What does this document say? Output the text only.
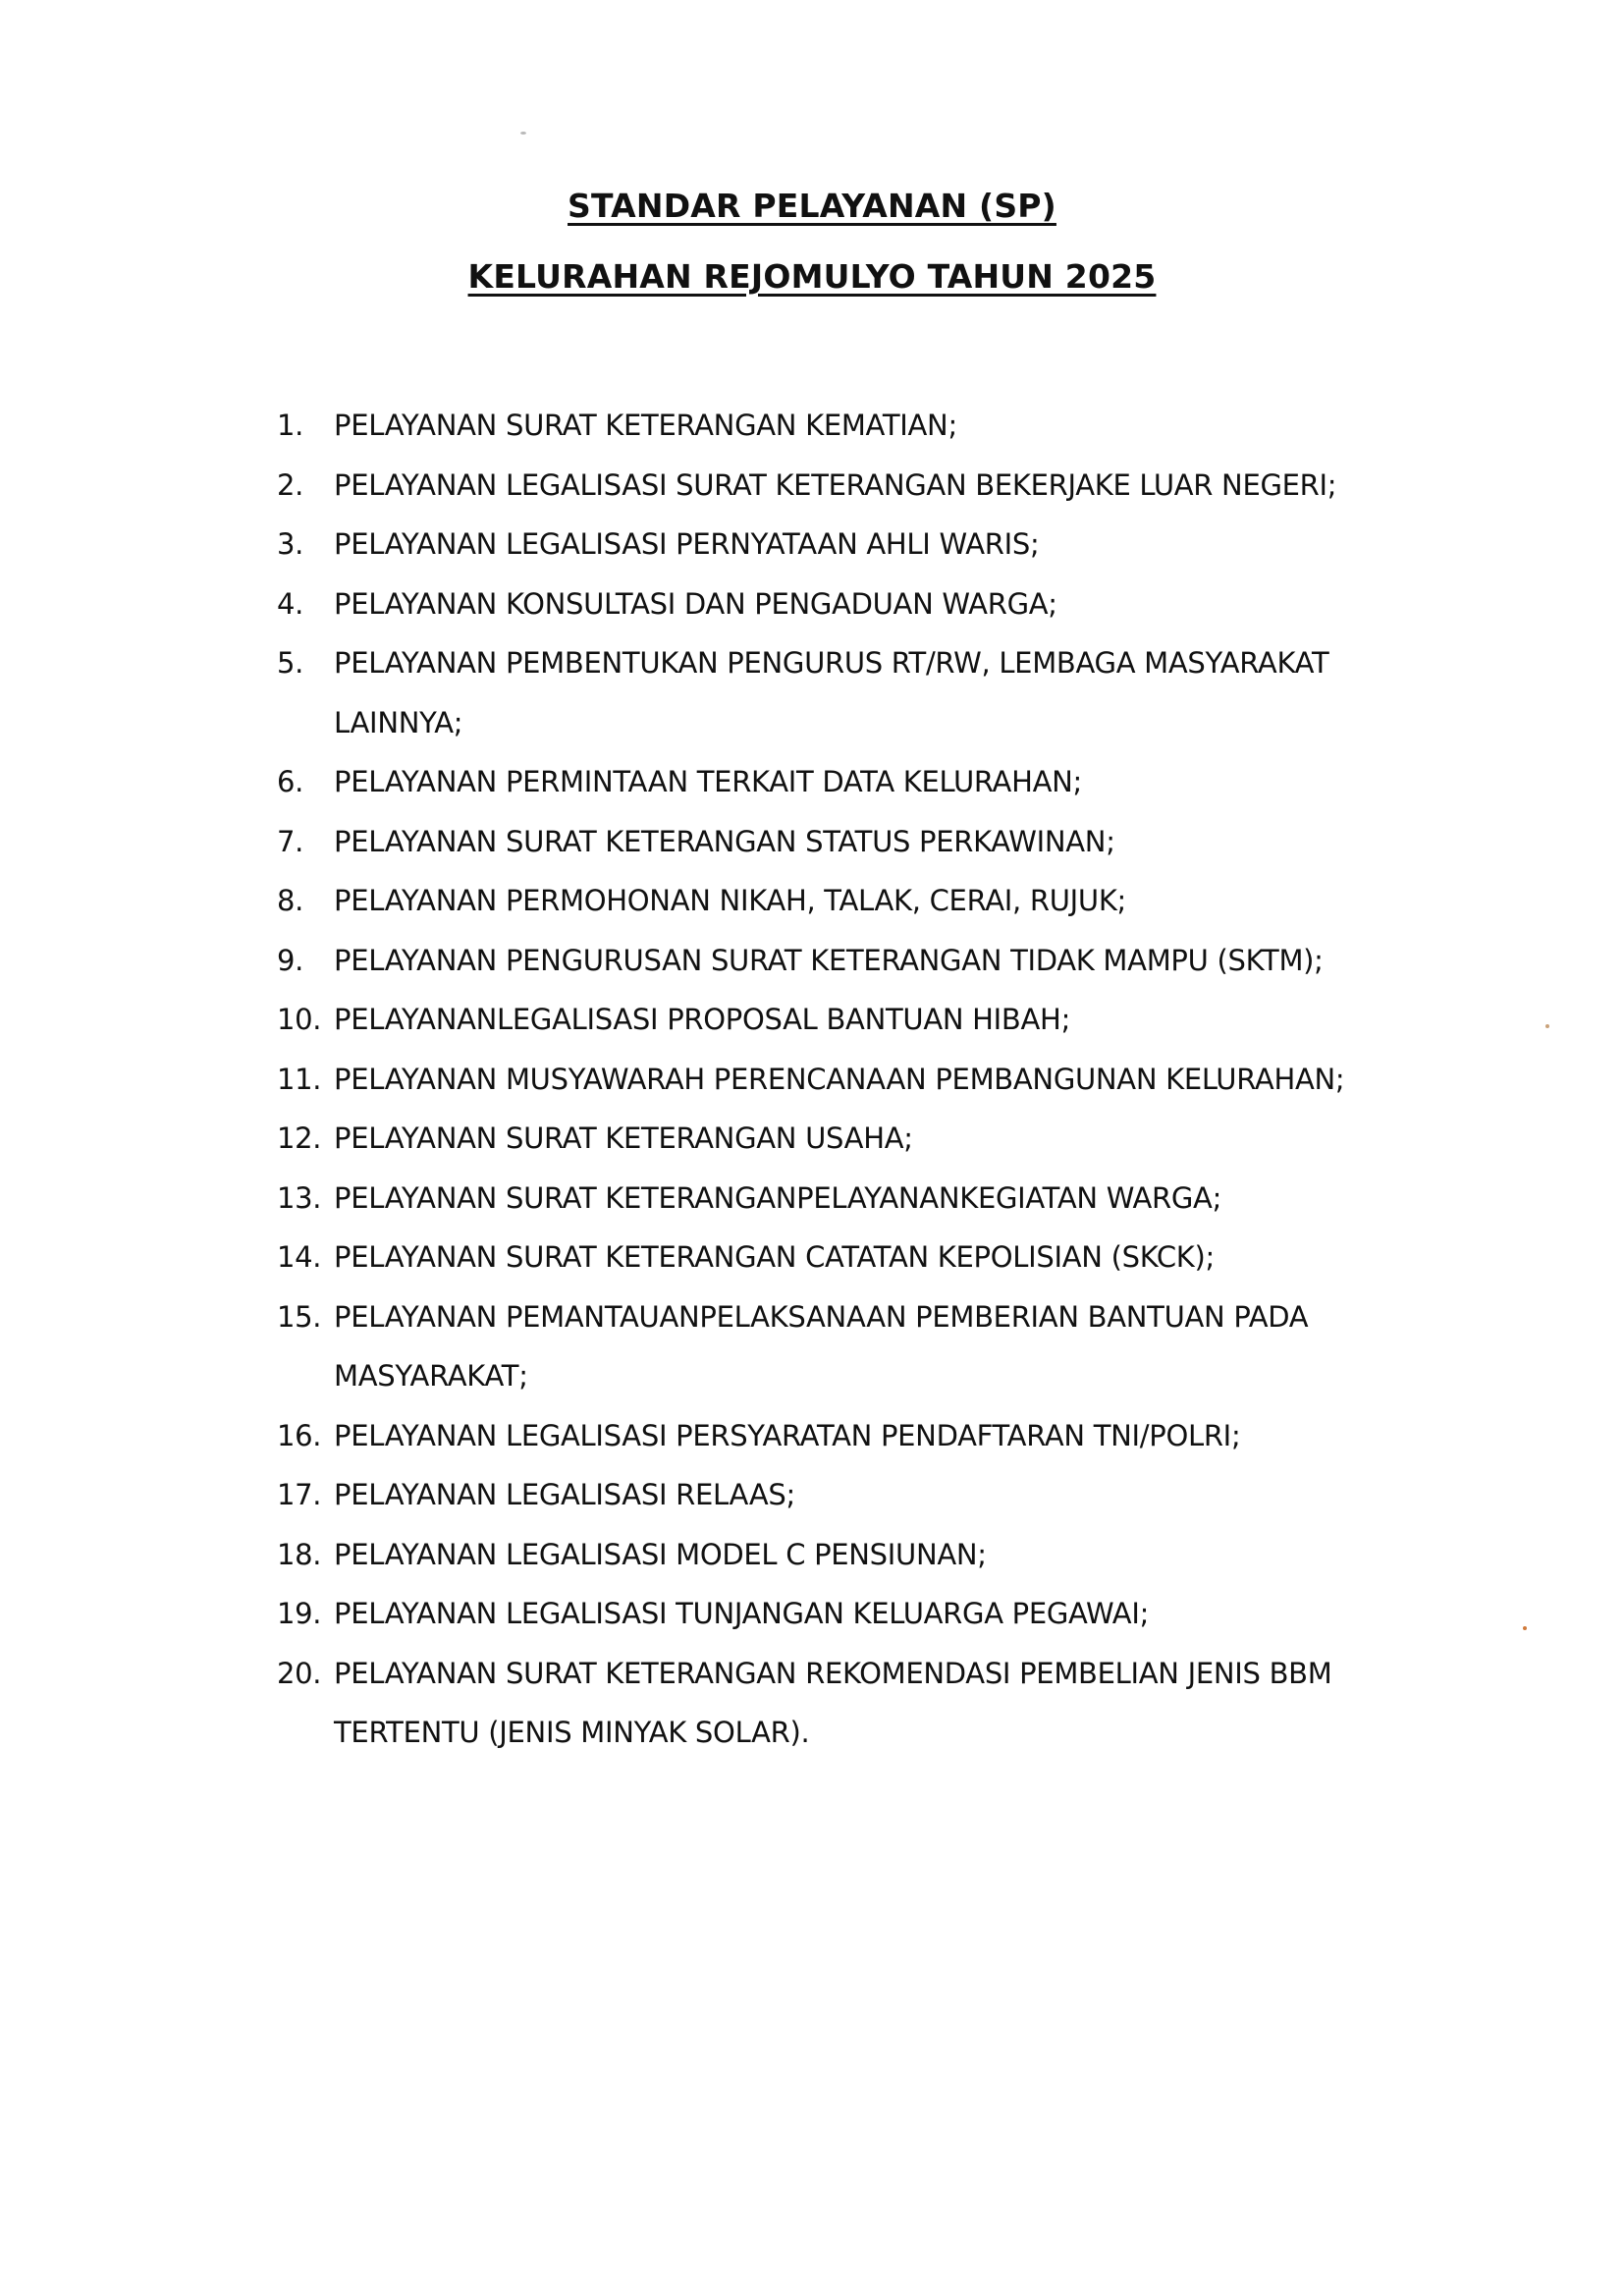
STANDAR PELAYANAN (SP)
KELURAHAN REJOMULYO TAHUN 2025
1.	PELAYANAN SURAT KETERANGAN KEMATIAN;
2.	PELAYANAN LEGALISASI SURAT KETERANGAN BEKERJAKE LUAR NEGERI;
3.	PELAYANAN LEGALISASI PERNYATAAN AHLI WARIS;
4.	PELAYANAN KONSULTASI DAN PENGADUAN WARGA;
5.	PELAYANAN PEMBENTUKAN PENGURUS RT/RW, LEMBAGA MASYARAKAT LAINNYA;
6.	PELAYANAN PERMINTAAN TERKAIT DATA KELURAHAN;
7.	PELAYANAN SURAT KETERANGAN STATUS PERKAWINAN;
8.	PELAYANAN PERMOHONAN NIKAH, TALAK, CERAI, RUJUK;
9.	PELAYANAN PENGURUSAN SURAT KETERANGAN TIDAK MAMPU (SKTM);
10. PELAYANANLEGALISASI PROPOSAL BANTUAN HIBAH;
11. PELAYANAN MUSYAWARAH PERENCANAAN PEMBANGUNAN KELURAHAN;
12. PELAYANAN SURAT KETERANGAN USAHA;
13. PELAYANAN SURAT KETERANGANPELAYANANKEGIATAN WARGA;
14. PELAYANAN SURAT KETERANGAN CATATAN KEPOLISIAN (SKCK);
15. PELAYANAN PEMANTAUANPELAKSANAAN PEMBERIAN BANTUAN PADA MASYARAKAT;
16. PELAYANAN LEGALISASI PERSYARATAN PENDAFTARAN TNI/POLRI;
17. PELAYANAN LEGALISASI RELAAS;
18. PELAYANAN LEGALISASI MODEL C PENSIUNAN;
19. PELAYANAN LEGALISASI TUNJANGAN KELUARGA PEGAWAI;
20. PELAYANAN SURAT KETERANGAN REKOMENDASI PEMBELIAN JENIS BBM TERTENTU (JENIS MINYAK SOLAR).
